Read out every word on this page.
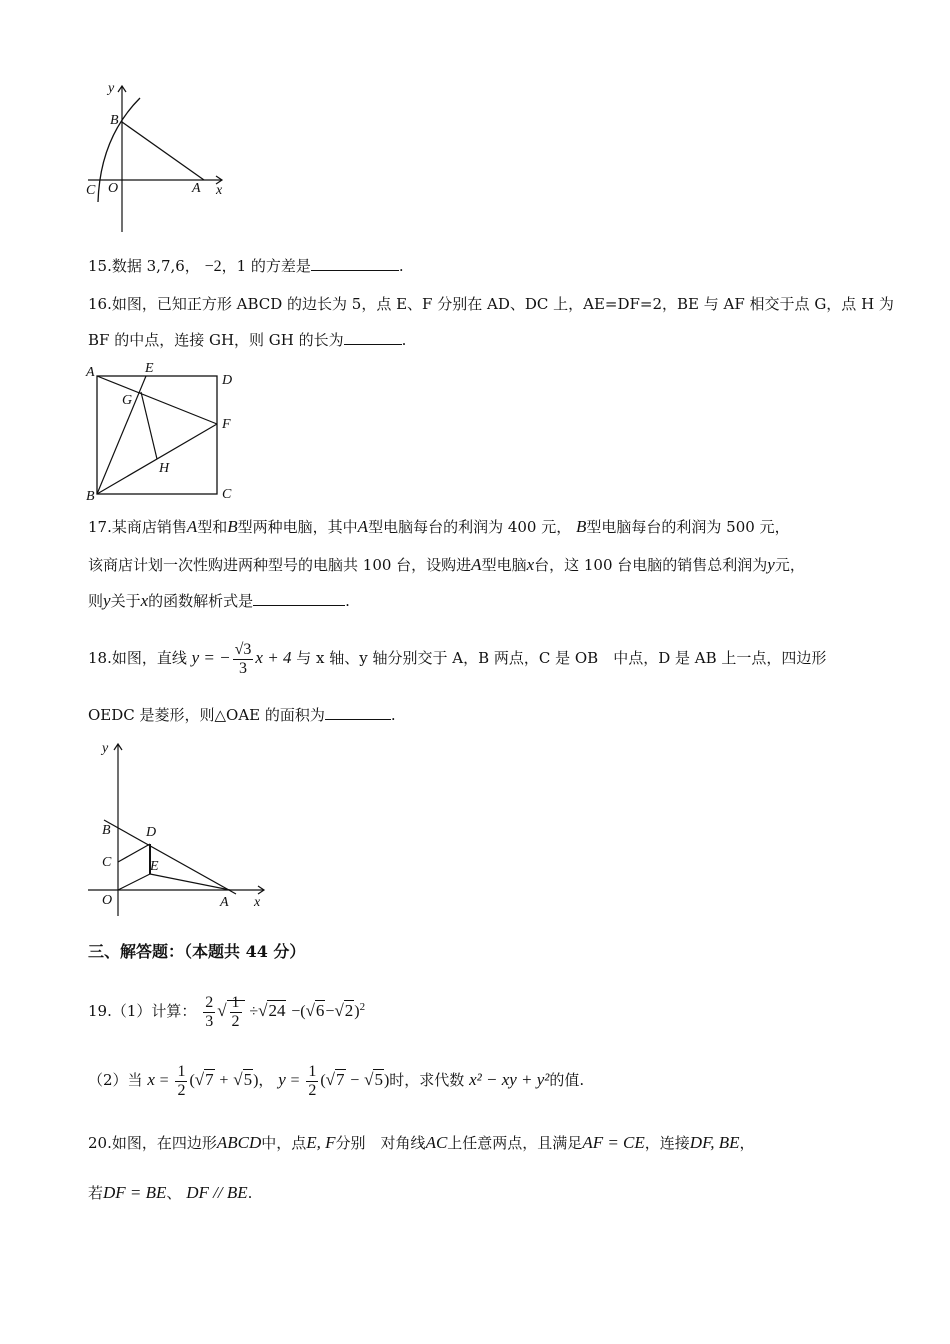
y
B
C O	A x
15.数据 3,7,6， −2，1 的方差是	.
16.如图，已知正方形 ABCD 的边长为 5，点 E、F 分别在 AD、DC 上，AE=DF=2，BE 与 AF 相交于点 G，点 H 为
BF 的中点，连接 GH，则 GH 的长为	.
A	E
D
G
F
H
B	C
17.某商店销售A型和B型两种电脑，其中A型电脑每台的利润为 400 元， B型电脑每台的利润为 500 元，
该商店计划一次性购进两种型号的电脑共 100 台，设购进A型电脑x台，这 100 台电脑的销售总利润为y元，
则y关于x的函数解析式是	.
18.如图，直线 y = − $\frac{√3}{3}$ x + 4 与 x 轴、y 轴分别交于 A，B 两点，C 是 OB　中点，D 是 AB 上一点，四边形
OEDC 是菱形，则△OAE 的面积为	.
y
B	D
C	E
O	A x
三、解答题：（本题共 44 分）
19.（1）计算： $\frac{2}{3}$ √ $\frac{1}{2} \div√24 -(√6-√2)^2$
（2）当 $x = \frac{1}{2} (√7 + √5)$， $y = \frac{1}{2} (√7 - √5)$时，求代数 x² − xy + y²的值.
20.如图，在四边形ABCD中，点E, F分别　对角线AC上任意两点，且满足AF = CE，连接DF, BE，
若DF = BE、 DF // BE.
